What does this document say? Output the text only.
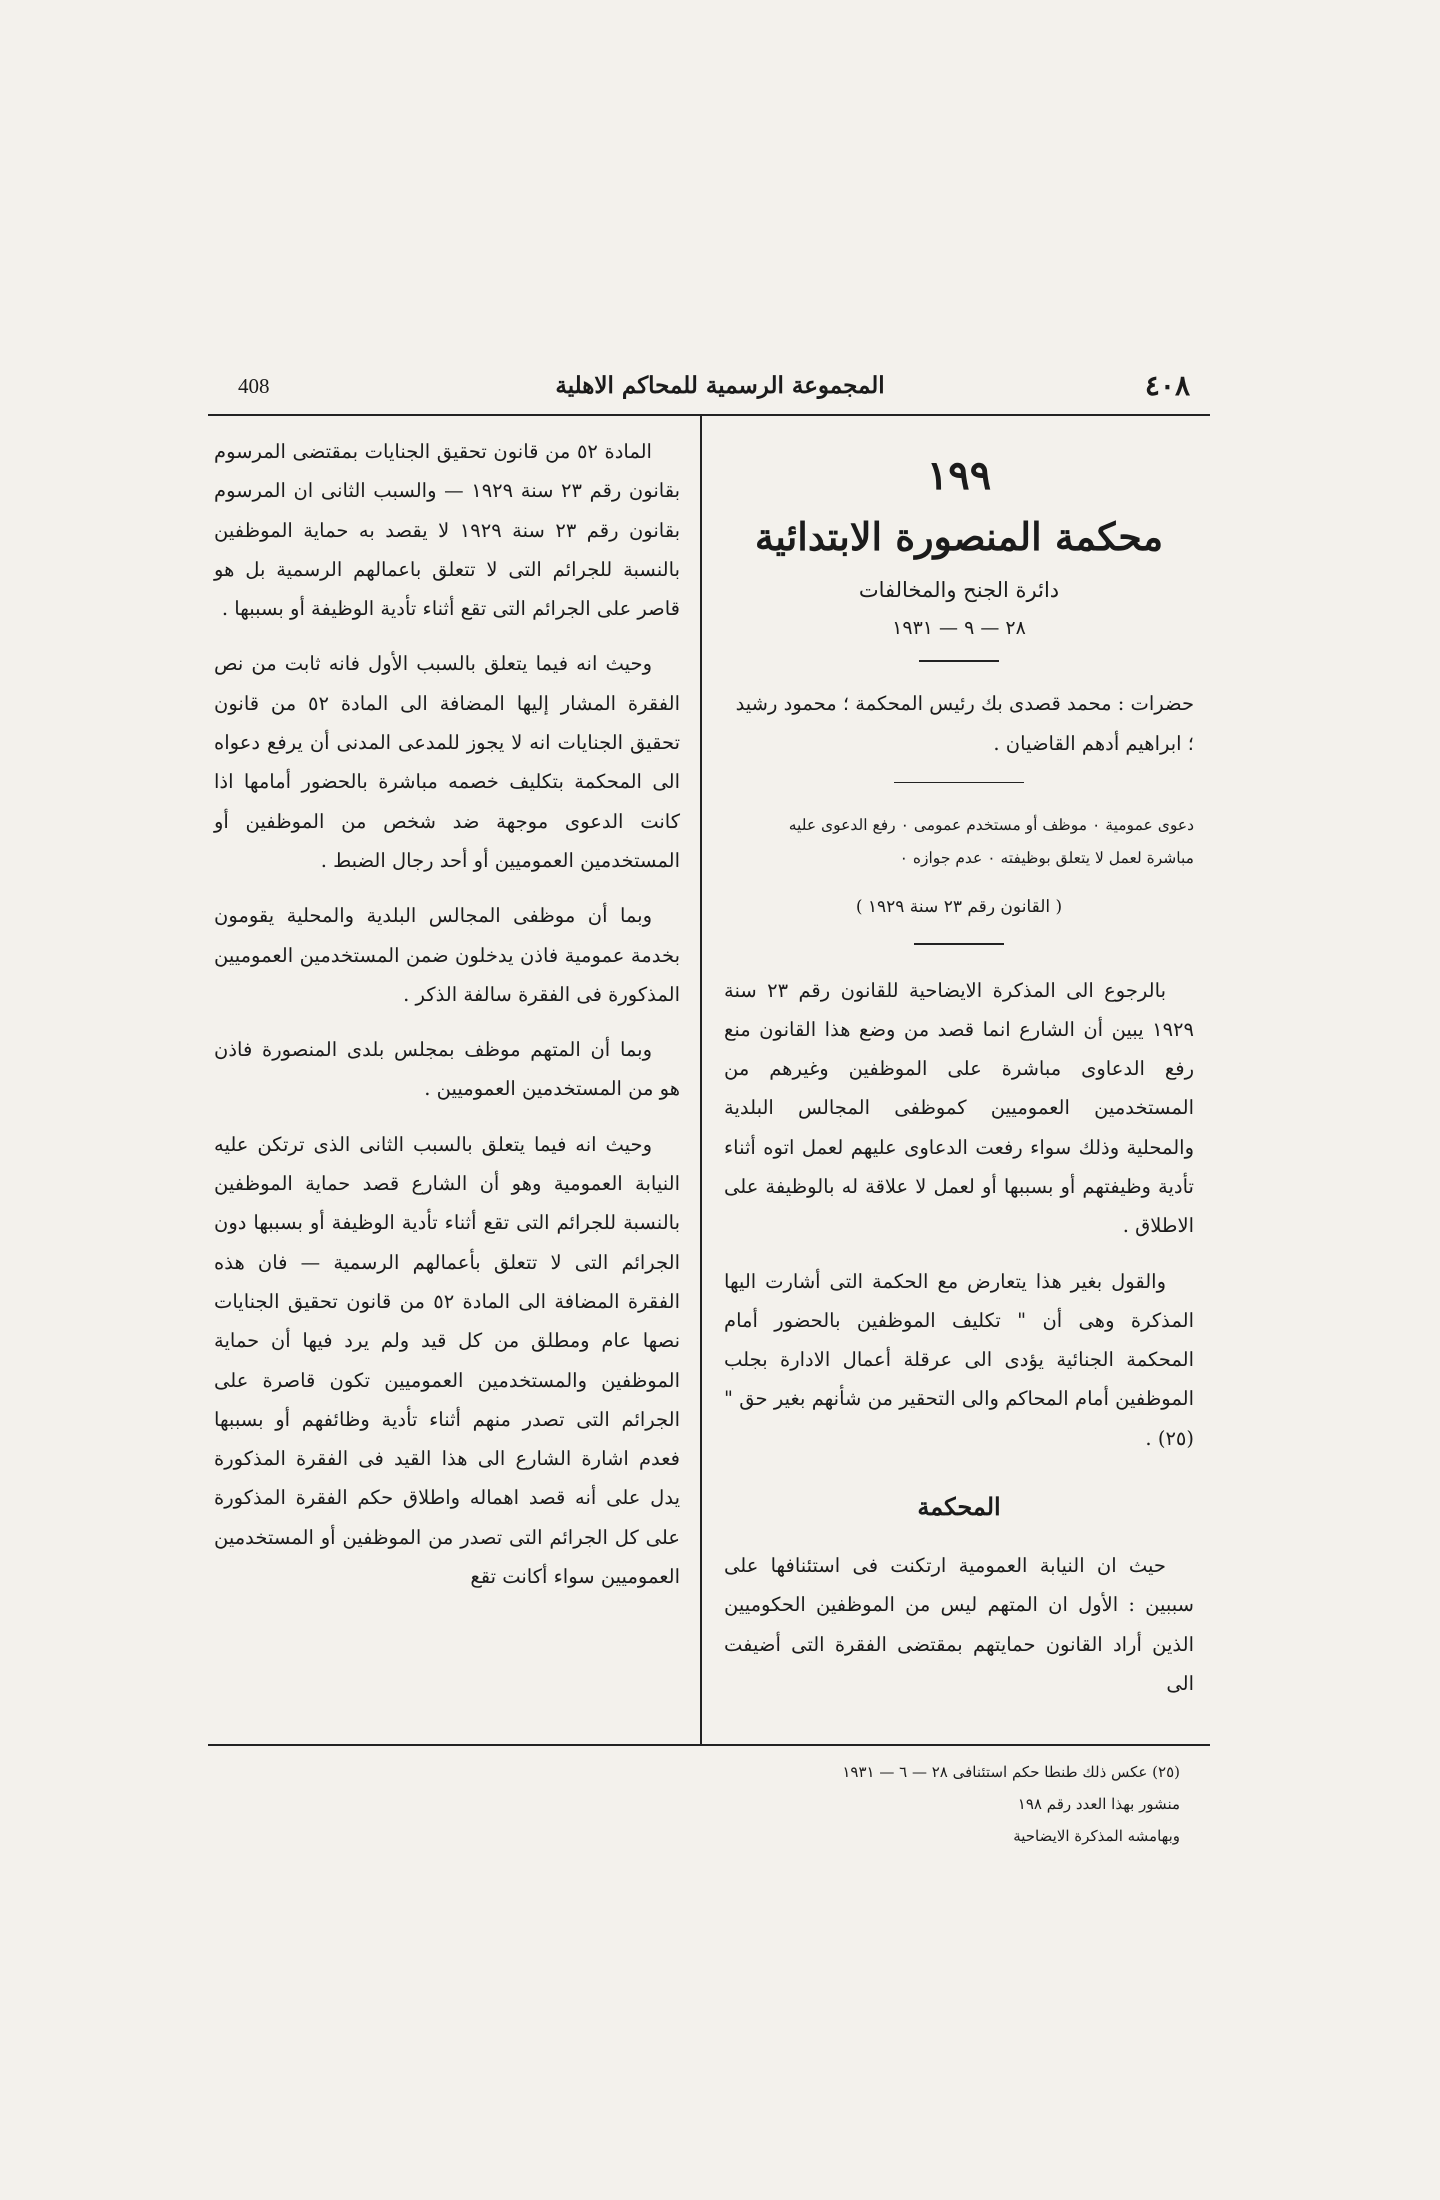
408	المجموعة الرسمية للمحاكم الاهلية	٤٠٨

١٩٩

محكمة المنصورة الابتدائية

دائرة الجنح والمخالفات

٢٨ — ٩ — ١٩٣١

حضرات : محمد قصدى بك رئيس المحكمة ؛ محمود رشيد ؛ ابراهيم أدهم القاضيان .

دعوى عمومية ٠ موظف أو مستخدم عمومى ٠ رفع الدعوى عليه

مباشرة لعمل لا يتعلق بوظيفته ٠ عدم جوازه ٠

( القانون رقم ٢٣ سنة ١٩٢٩ )

بالرجوع الى المذكرة الايضاحية للقانون رقم ٢٣ سنة ١٩٢٩ يبين أن الشارع انما قصد من وضع هذا القانون منع رفع الدعاوى مباشرة على الموظفين وغيرهم من المستخدمين العموميين كموظفى المجالس البلدية والمحلية وذلك سواء رفعت الدعاوى عليهم لعمل اتوه أثناء تأدية وظيفتهم أو بسببها أو لعمل لا علاقة له بالوظيفة على الاطلاق .

والقول بغير هذا يتعارض مع الحكمة التى أشارت اليها المذكرة وهى أن " تكليف الموظفين بالحضور أمام المحكمة الجنائية يؤدى الى عرقلة أعمال الادارة بجلب الموظفين أمام المحاكم والى التحقير من شأنهم بغير حق " (٢٥) .

المحكمة

حيث ان النيابة العمومية ارتكنت فى استئنافها على سببين : الأول ان المتهم ليس من الموظفين الحكوميين الذين أراد القانون حمايتهم بمقتضى الفقرة التى أضيفت الى

المادة ٥٢ من قانون تحقيق الجنايات بمقتضى المرسوم بقانون رقم ٢٣ سنة ١٩٢٩ — والسبب الثانى ان المرسوم بقانون رقم ٢٣ سنة ١٩٢٩ لا يقصد به حماية الموظفين بالنسبة للجرائم التى لا تتعلق باعمالهم الرسمية بل هو قاصر على الجرائم التى تقع أثناء تأدية الوظيفة أو بسببها .

وحيث انه فيما يتعلق بالسبب الأول فانه ثابت من نص الفقرة المشار إليها المضافة الى المادة ٥٢ من قانون تحقيق الجنايات انه لا يجوز للمدعى المدنى أن يرفع دعواه الى المحكمة بتكليف خصمه مباشرة بالحضور أمامها اذا كانت الدعوى موجهة ضد شخص من الموظفين أو المستخدمين العموميين أو أحد رجال الضبط .

وبما أن موظفى المجالس البلدية والمحلية يقومون بخدمة عمومية فاذن يدخلون ضمن المستخدمين العموميين المذكورة فى الفقرة سالفة الذكر .

وبما أن المتهم موظف بمجلس بلدى المنصورة فاذن هو من المستخدمين العموميين .

وحيث انه فيما يتعلق بالسبب الثانى الذى ترتكن عليه النيابة العمومية وهو أن الشارع قصد حماية الموظفين بالنسبة للجرائم التى تقع أثناء تأدية الوظيفة أو بسببها دون الجرائم التى لا تتعلق بأعمالهم الرسمية — فان هذه الفقرة المضافة الى المادة ٥٢ من قانون تحقيق الجنايات نصها عام ومطلق من كل قيد ولم يرد فيها أن حماية الموظفين والمستخدمين العموميين تكون قاصرة على الجرائم التى تصدر منهم أثناء تأدية وظائفهم أو بسببها فعدم اشارة الشارع الى هذا القيد فى الفقرة المذكورة يدل على أنه قصد اهماله واطلاق حكم الفقرة المذكورة على كل الجرائم التى تصدر من الموظفين أو المستخدمين العموميين سواء أكانت تقع

(٢٥) عكس ذلك طنطا حكم استئنافى ٢٨ — ٦ — ١٩٣١

منشور بهذا العدد رقم ١٩٨

وبهامشه المذكرة الايضاحية
